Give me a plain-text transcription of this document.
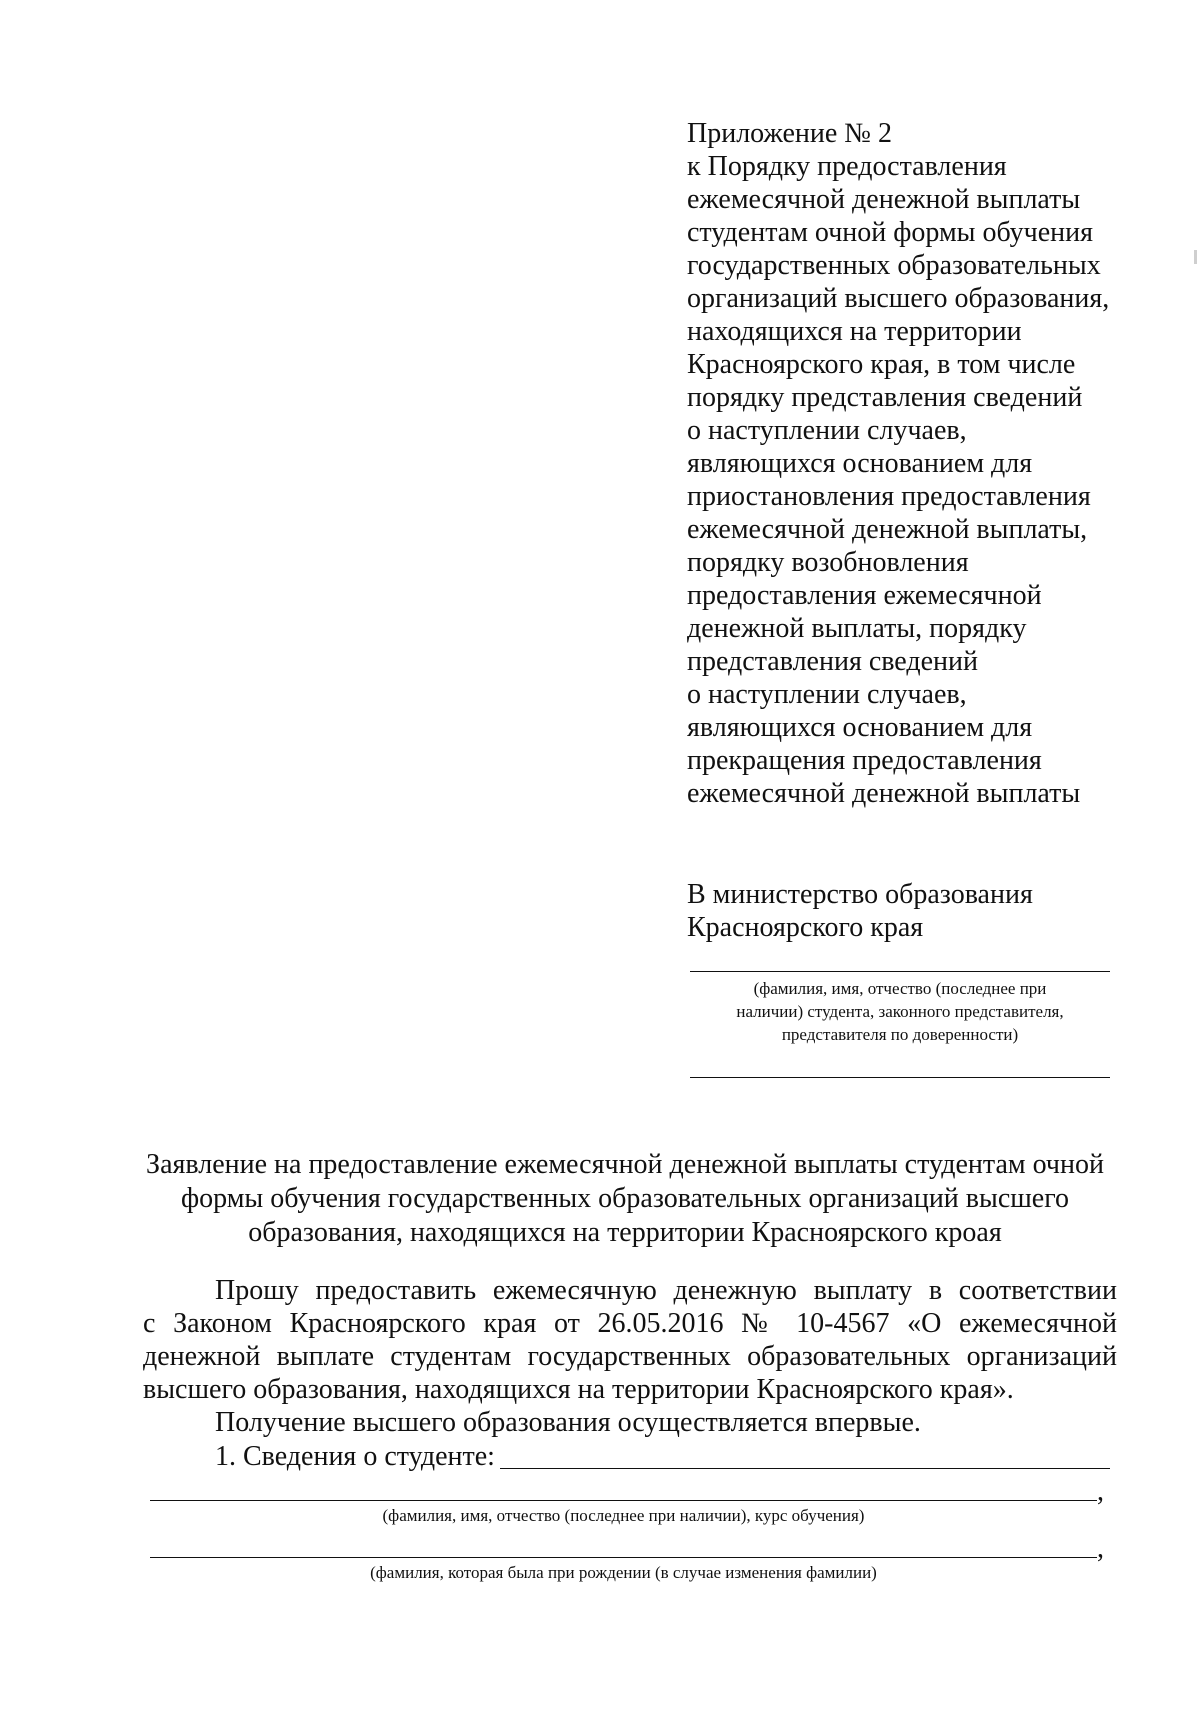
Приложение № 2
к Порядку предоставления
ежемесячной денежной выплаты
студентам очной формы обучения
государственных образовательных
организаций высшего образования,
находящихся на территории
Красноярского края, в том числе
порядку представления сведений
о наступлении случаев,
являющихся основанием для
приостановления предоставления
ежемесячной денежной выплаты,
порядку возобновления
предоставления ежемесячной
денежной выплаты, порядку
представления сведений
о наступлении случаев,
являющихся основанием для
прекращения предоставления
ежемесячной денежной выплаты
В министерство образования
Красноярского края
(фамилия, имя, отчество (последнее при
наличии) студента, законного представителя,
представителя по доверенности)
Заявление на предоставление ежемесячной денежной выплаты студентам очной
формы обучения государственных образовательных организаций высшего
образования, находящихся на территории Красноярского кроая
Прошу предоставить ежемесячную денежную выплату в соответствии
с Законом Красноярского края от 26.05.2016 № 10-4567 «О ежемесячной
денежной выплате студентам государственных образовательных организаций
высшего образования, находящихся на территории Красноярского края».
Получение высшего образования осуществляется впервые.
1. Сведения о студенте:
,
(фамилия, имя, отчество (последнее при наличии), курс обучения)
,
(фамилия, которая была при рождении (в случае изменения фамилии)
